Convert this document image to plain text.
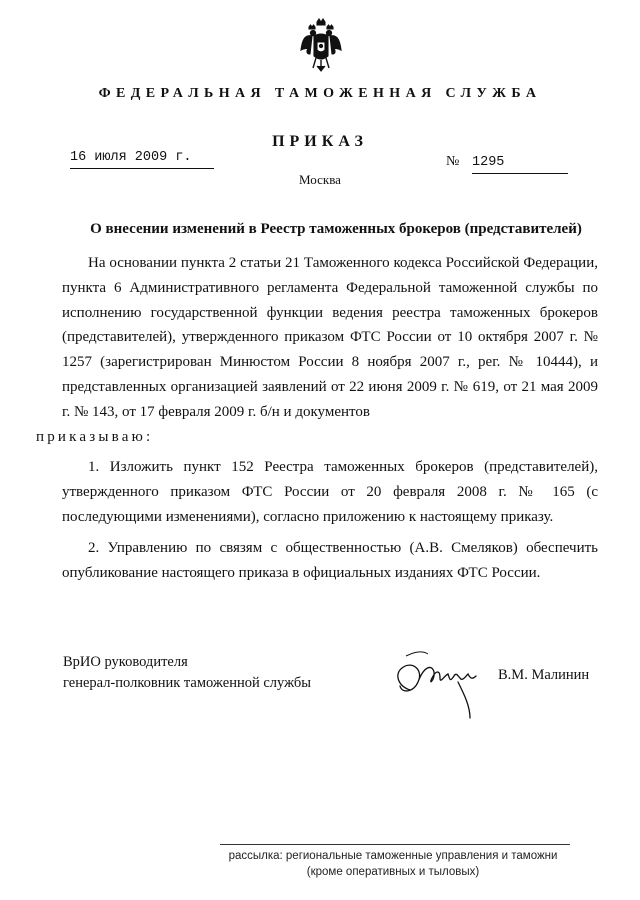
ФЕДЕРАЛЬНАЯ ТАМОЖЕННАЯ СЛУЖБА
ПРИКАЗ
16 июля 2009 г.	№ 1295
Москва
О внесении изменений в Реестр таможенных брокеров (представителей)

На основании пункта 2 статьи 21 Таможенного кодекса Российской Федерации, пункта 6 Административного регламента Федеральной таможенной службы по исполнению государственной функции ведения реестра таможенных брокеров (представителей), утвержденного приказом ФТС России от 10 октября 2007 г. № 1257 (зарегистрирован Минюстом России 8 ноября 2007 г., рег. № 10444), и представленных организацией заявлений от 22 июня 2009 г. № 619, от 21 мая 2009 г. № 143, от 17 февраля 2009 г. б/н и документов
приказываю:

1. Изложить пункт 152 Реестра таможенных брокеров (представителей), утвержденного приказом ФТС России от 20 февраля 2008 г. № 165 (с последующими изменениями), согласно приложению к настоящему приказу.

2. Управлению по связям с общественностью (А.В. Смеляков) обеспечить опубликование настоящего приказа в официальных изданиях ФТС России.

ВрИО руководителя
генерал-полковник таможенной службы	В.М. Малинин
рассылка: региональные таможенные управления и таможни
(кроме оперативных и тыловых)
